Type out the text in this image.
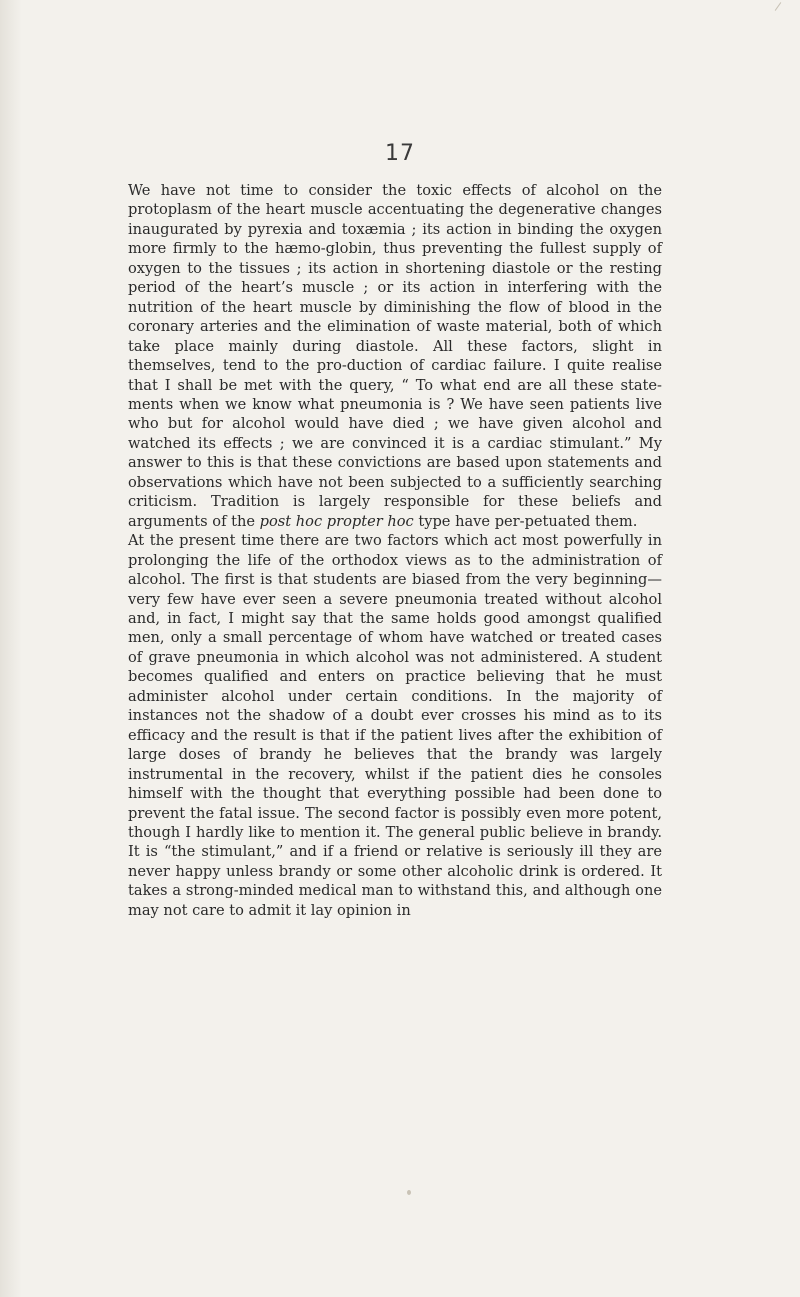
17

We have not time to consider the toxic effects of alcohol on the protoplasm of the heart muscle accentuating the degenerative changes inaugurated by pyrexia and toxæmia ; its action in binding the oxygen more firmly to the hæmo-globin, thus preventing the fullest supply of oxygen to the tissues ; its action in shortening diastole or the resting period of the heart’s muscle ; or its action in interfering with the nutrition of the heart muscle by diminishing the flow of blood in the coronary arteries and the elimination of waste material, both of which take place mainly during diastole. All these factors, slight in themselves, tend to the pro-duction of cardiac failure. I quite realise that I shall be met with the query, “ To what end are all these state-ments when we know what pneumonia is ? We have seen patients live who but for alcohol would have died ; we have given alcohol and watched its effects ; we are convinced it is a cardiac stimulant.” My answer to this is that these convictions are based upon statements and observations which have not been subjected to a sufficiently searching criticism. Tradition is largely responsible for these beliefs and arguments of the post hoc propter hoc type have per-petuated them.

At the present time there are two factors which act most powerfully in prolonging the life of the orthodox views as to the administration of alcohol. The first is that students are biased from the very beginning—very few have ever seen a severe pneumonia treated without alcohol and, in fact, I might say that the same holds good amongst qualified men, only a small percentage of whom have watched or treated cases of grave pneumonia in which alcohol was not administered. A student becomes qualified and enters on practice believing that he must administer alcohol under certain conditions. In the majority of instances not the shadow of a doubt ever crosses his mind as to its efficacy and the result is that if the patient lives after the exhibition of large doses of brandy he believes that the brandy was largely instrumental in the recovery, whilst if the patient dies he consoles himself with the thought that everything possible had been done to prevent the fatal issue. The second factor is possibly even more potent, though I hardly like to mention it. The general public believe in brandy. It is “the stimulant,” and if a friend or relative is seriously ill they are never happy unless brandy or some other alcoholic drink is ordered. It takes a strong-minded medical man to withstand this, and although one may not care to admit it lay opinion in
